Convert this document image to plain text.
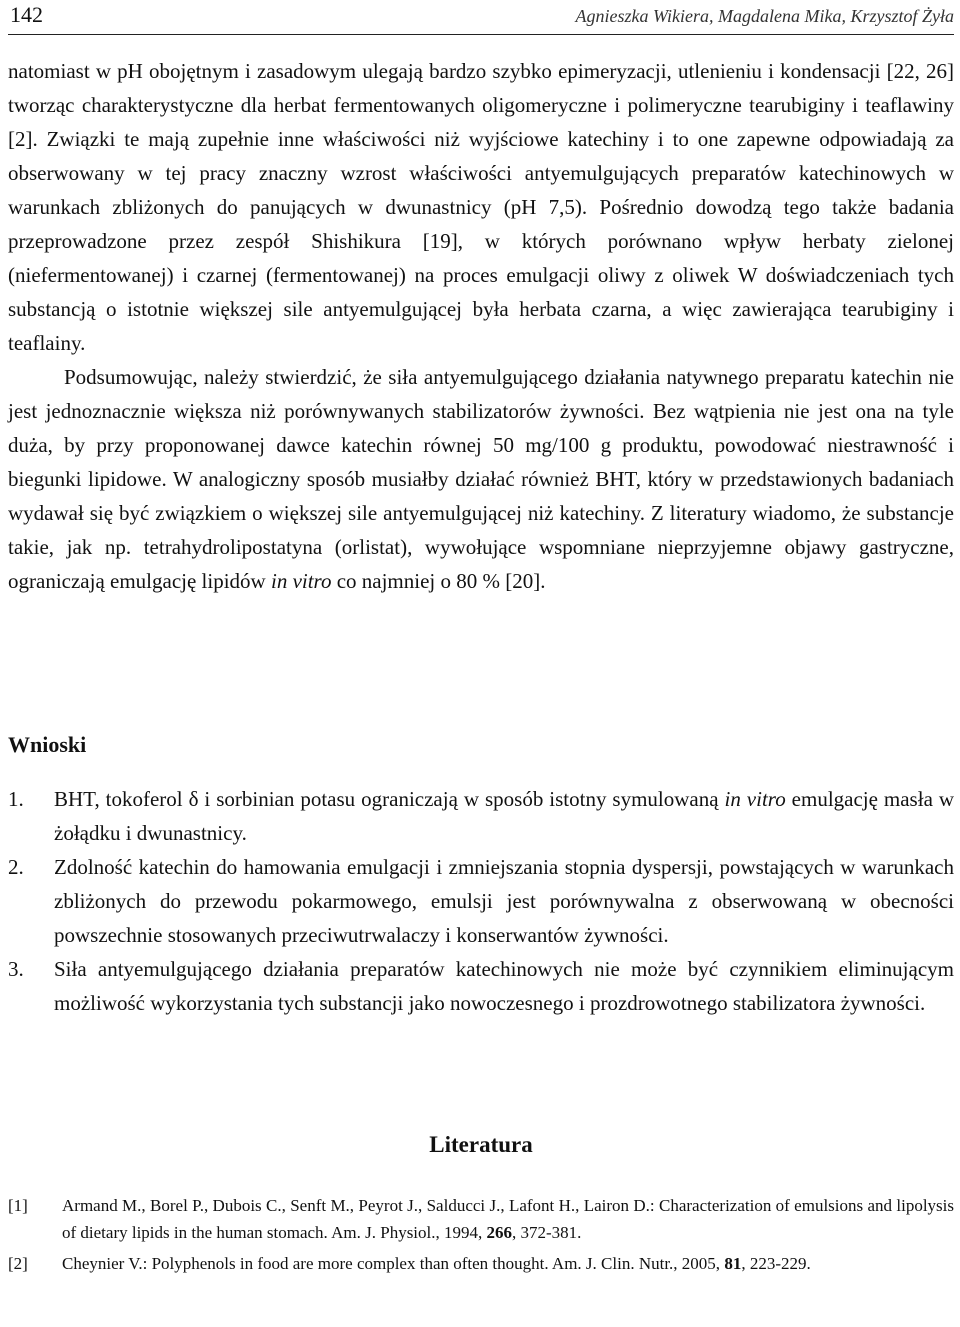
142	Agnieszka Wikiera, Magdalena Mika, Krzysztof Żyła

natomiast w pH obojętnym i zasadowym ulegają bardzo szybko epimeryzacji, utlenieniu i kondensacji [22, 26] tworząc charakterystyczne dla herbat fermentowanych oligomeryczne i polimeryczne tearubiginy i teaflawiny [2]. Związki te mają zupełnie inne właściwości niż wyjściowe katechiny i to one zapewne odpowiadają za obserwowany w tej pracy znaczny wzrost właściwości antyemulgujących preparatów katechinowych w warunkach zbliżonych do panujących w dwunastnicy (pH 7,5). Pośrednio dowodzą tego także badania przeprowadzone przez zespół Shishikura [19], w których porównano wpływ herbaty zielonej (niefermentowanej) i czarnej (fermentowanej) na proces emulgacji oliwy z oliwek W doświadczeniach tych substancją o istotnie większej sile antyemulgującej była herbata czarna, a więc zawierająca tearubiginy i teaflainy.

Podsumowując, należy stwierdzić, że siła antyemulgującego działania natywnego preparatu katechin nie jest jednoznacznie większa niż porównywanych stabilizatorów żywności. Bez wątpienia nie jest ona na tyle duża, by przy proponowanej dawce katechin równej 50 mg/100 g produktu, powodować niestrawność i biegunki lipidowe. W analogiczny sposób musiałby działać również BHT, który w przedstawionych badaniach wydawał się być związkiem o większej sile antyemulgującej niż katechiny. Z literatury wiadomo, że substancje takie, jak np. tetrahydrolipostatyna (orlistat), wywołujące wspomniane nieprzyjemne objawy gastryczne, ograniczają emulgację lipidów in vitro co najmniej o 80 % [20].

Wnioski
1. BHT, tokoferol δ i sorbinian potasu ograniczają w sposób istotny symulowaną in vitro emulgację masła w żołądku i dwunastnicy.
2. Zdolność katechin do hamowania emulgacji i zmniejszania stopnia dyspersji, powstających w warunkach zbliżonych do przewodu pokarmowego, emulsji jest porównywalna z obserwowaną w obecności powszechnie stosowanych przeciwutrwalaczy i konserwantów żywności.
3. Siła antyemulgującego działania preparatów katechinowych nie może być czynnikiem eliminującym możliwość wykorzystania tych substancji jako nowoczesnego i prozdrowotnego stabilizatora żywności.
Literatura
[1] Armand M., Borel P., Dubois C., Senft M., Peyrot J., Salducci J., Lafont H., Lairon D.: Characterization of emulsions and lipolysis of dietary lipids in the human stomach. Am. J. Physiol., 1994, 266, 372-381.
[2] Cheynier V.: Polyphenols in food are more complex than often thought. Am. J. Clin. Nutr., 2005, 81, 223-229.
